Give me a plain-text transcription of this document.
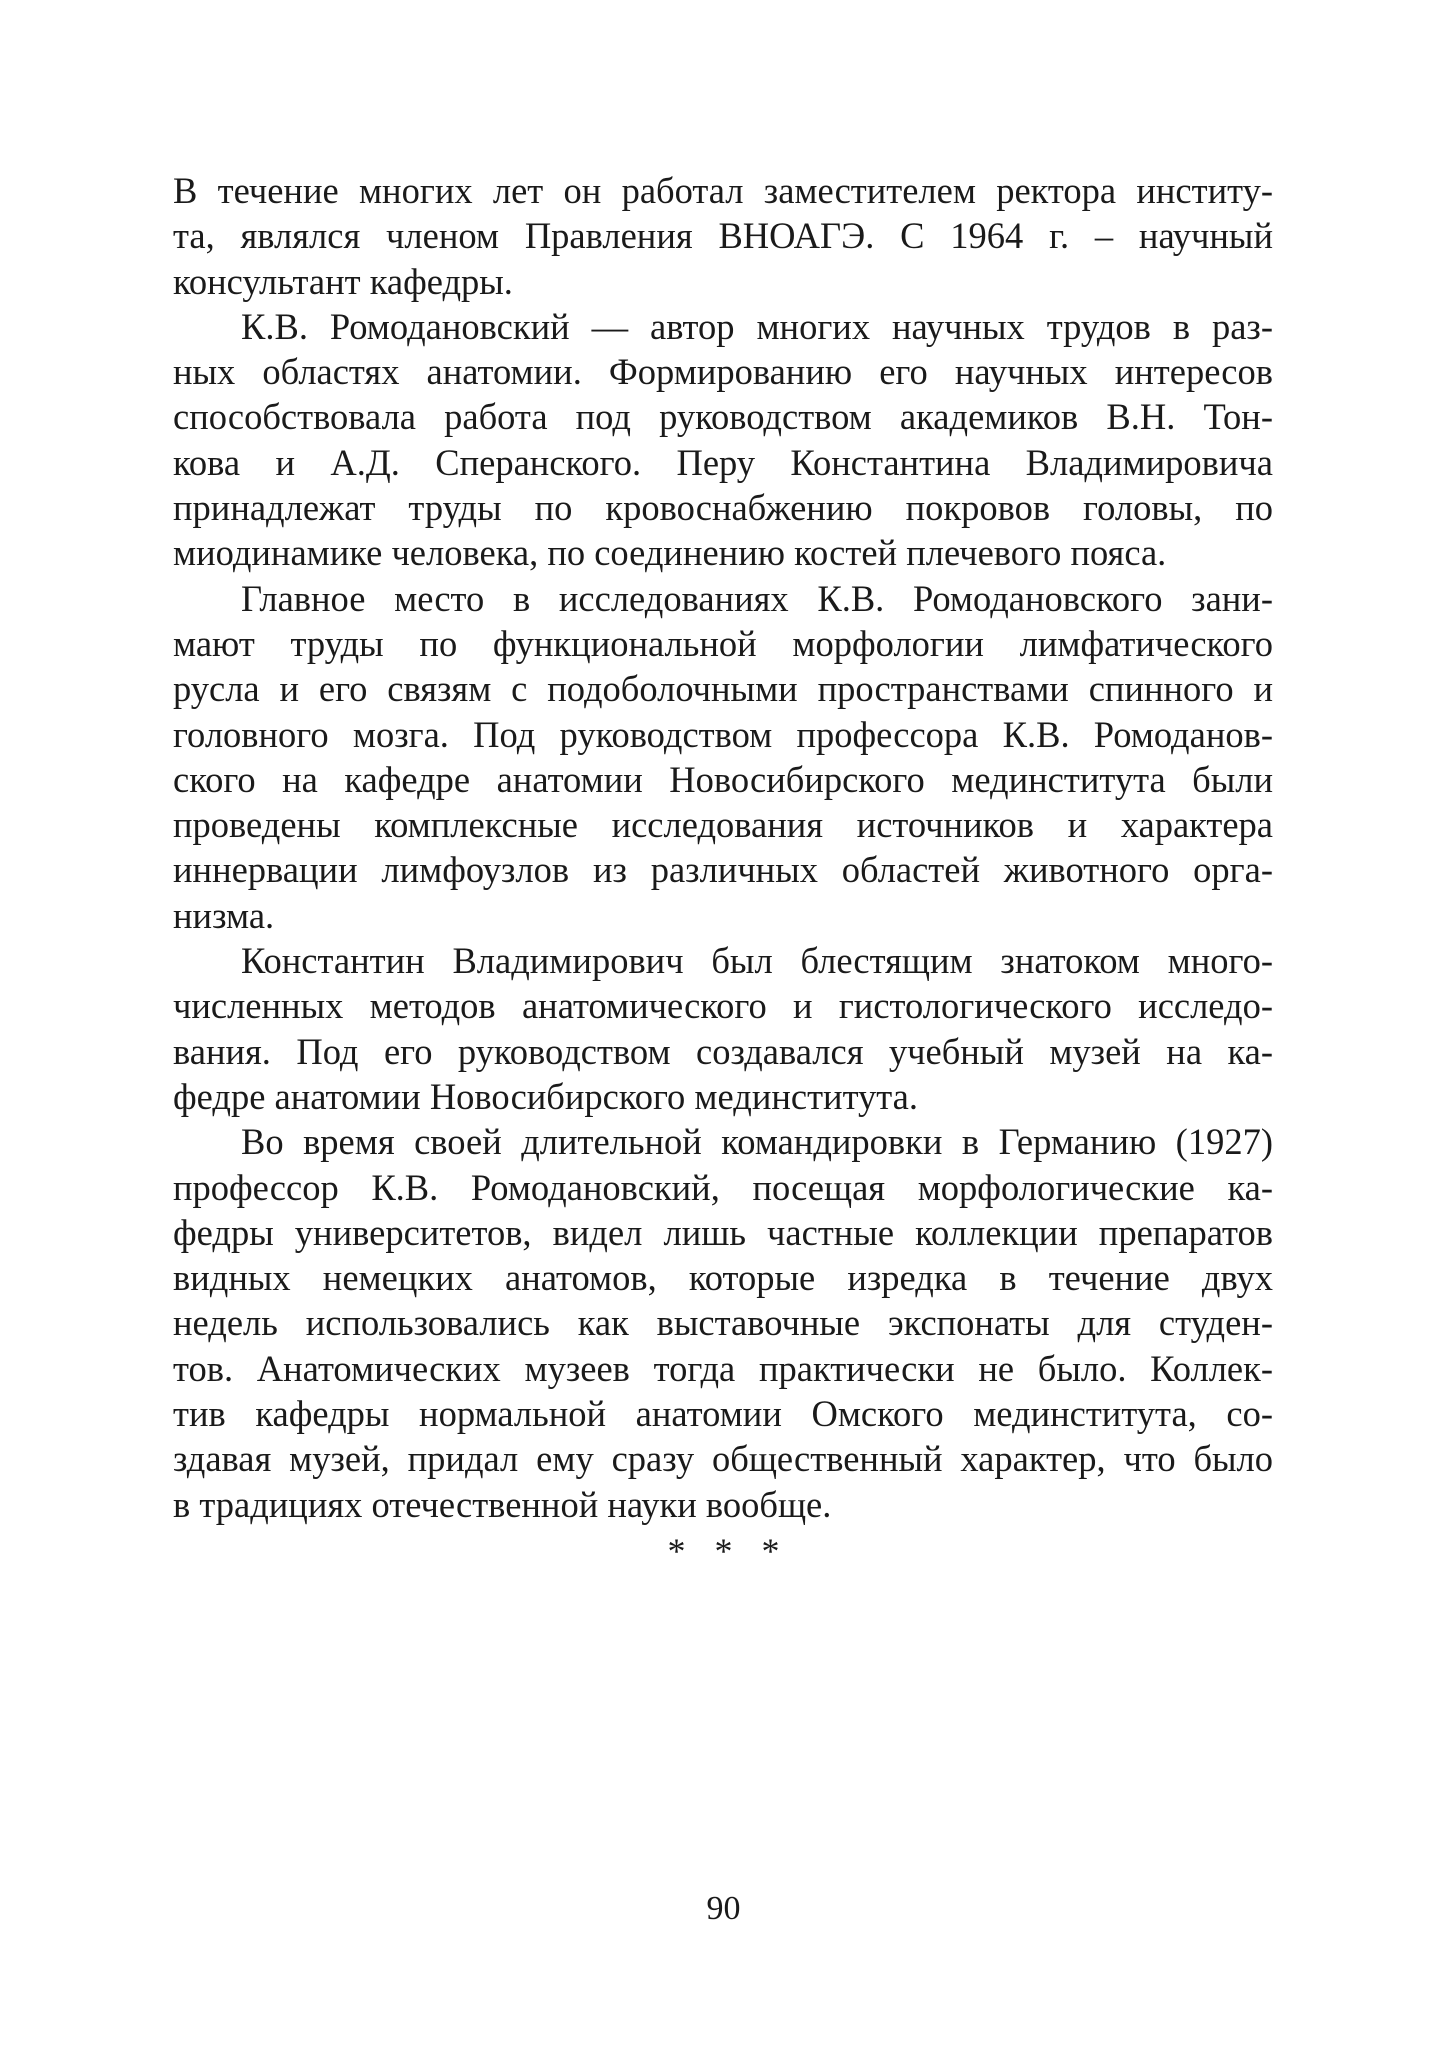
В течение многих лет он работал заместителем ректора институ-
та, являлся членом Правления ВНОАГЭ. С 1964 г. – научный
консультант кафедры.
К.В. Ромодановский — автор многих научных трудов в раз-
ных областях анатомии. Формированию его научных интересов
способствовала работа под руководством академиков В.Н. Тон-
кова и А.Д. Сперанского. Перу Константина Владимировича
принадлежат труды по кровоснабжению покровов головы, по
миодинамике человека, по соединению костей плечевого пояса.
Главное место в исследованиях К.В. Ромодановского зани-
мают труды по функциональной морфологии лимфатического
русла и его связям с подоболочными пространствами спинного и
головного мозга. Под руководством профессора К.В. Ромоданов-
ского на кафедре анатомии Новосибирского мединститута были
проведены комплексные исследования источников и характера
иннервации лимфоузлов из различных областей животного орга-
низма.
Константин Владимирович был блестящим знатоком много-
численных методов анатомического и гистологического исследо-
вания. Под его руководством создавался учебный музей на ка-
федре анатомии Новосибирского мединститута.
Во время своей длительной командировки в Германию (1927)
профессор К.В. Ромодановский, посещая морфологические ка-
федры университетов, видел лишь частные коллекции препаратов
видных немецких анатомов, которые изредка в течение двух
недель использовались как выставочные экспонаты для студен-
тов. Анатомических музеев тогда практически не было. Коллек-
тив кафедры нормальной анатомии Омского мединститута, со-
здавая музей, придал ему сразу общественный характер, что было
в традициях отечественной науки вообще.
* * *
90
